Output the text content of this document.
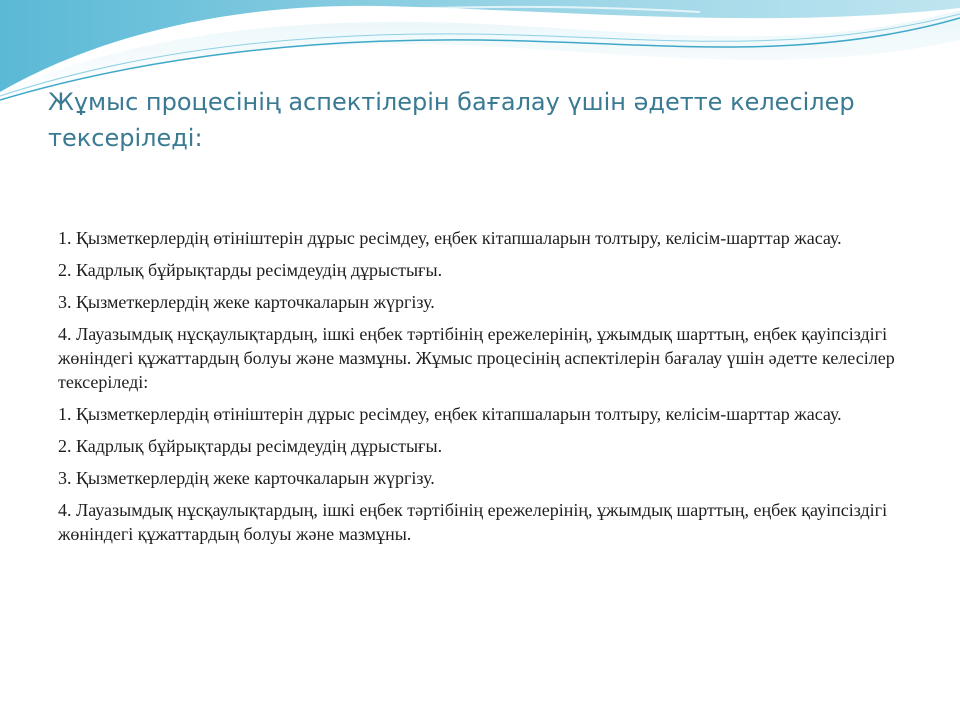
Жұмыс процесінің аспектілерін бағалау үшін әдетте келесілер тексеріледі:
1. Қызметкерлердің өтініштерін дұрыс ресімдеу, еңбек кітапшаларын толтыру, келісім-шарттар жасау.
2. Кадрлық бұйрықтарды ресімдеудің дұрыстығы.
3. Қызметкерлердің жеке карточкаларын жүргізу.
4. Лауазымдық нұсқаулықтардың, ішкі еңбек тәртібінің ережелерінің, ұжымдық шарттың, еңбек қауіпсіздігі жөніндегі құжаттардың болуы және мазмұны. Жұмыс процесінің аспектілерін бағалау үшін әдетте келесілер тексеріледі:
1. Қызметкерлердің өтініштерін дұрыс ресімдеу, еңбек кітапшаларын толтыру, келісім-шарттар жасау.
2. Кадрлық бұйрықтарды ресімдеудің дұрыстығы.
3. Қызметкерлердің жеке карточкаларын жүргізу.
4. Лауазымдық нұсқаулықтардың, ішкі еңбек тәртібінің ережелерінің, ұжымдық шарттың, еңбек қауіпсіздігі жөніндегі құжаттардың болуы және мазмұны.
